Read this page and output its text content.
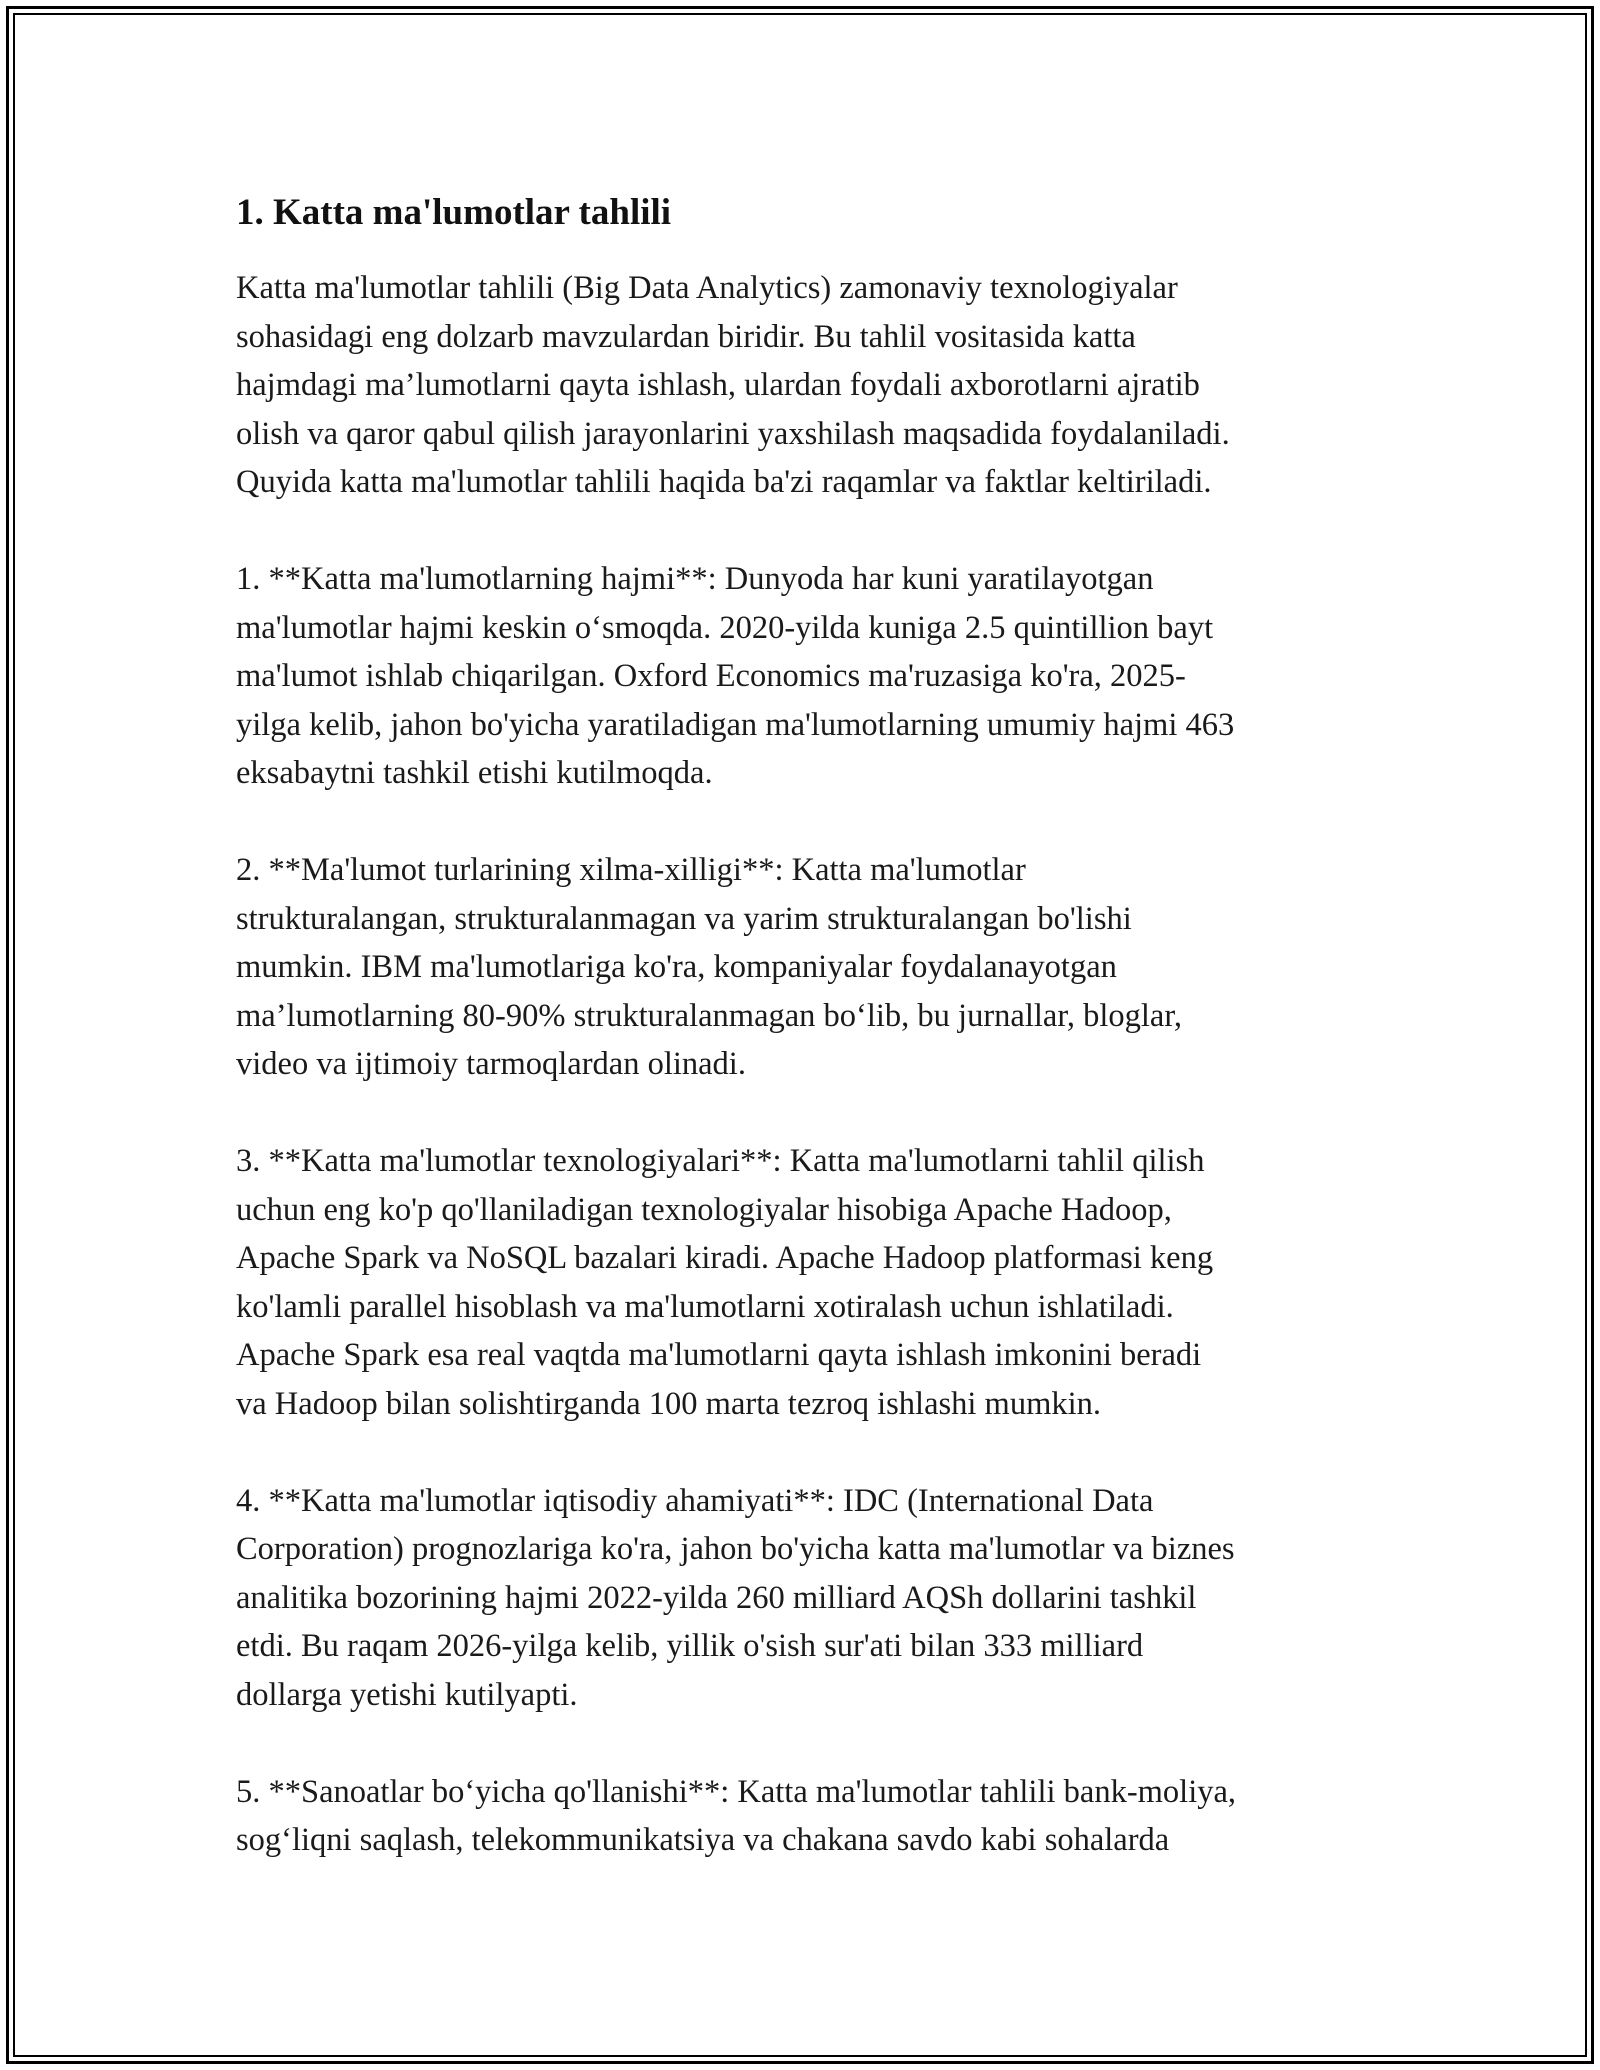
1. Katta ma'lumotlar tahlili
Katta ma'lumotlar tahlili (Big Data Analytics) zamonaviy texnologiyalar
sohasidagi eng dolzarb mavzulardan biridir. Bu tahlil vositasida katta
hajmdagi ma’lumotlarni qayta ishlash, ulardan foydali axborotlarni ajratib
olish va qaror qabul qilish jarayonlarini yaxshilash maqsadida foydalaniladi.
Quyida katta ma'lumotlar tahlili haqida ba'zi raqamlar va faktlar keltiriladi.
1. **Katta ma'lumotlarning hajmi**: Dunyoda har kuni yaratilayotgan
ma'lumotlar hajmi keskin o‘smoqda. 2020-yilda kuniga 2.5 quintillion bayt
ma'lumot ishlab chiqarilgan. Oxford Economics ma'ruzasiga ko'ra, 2025-
yilga kelib, jahon bo'yicha yaratiladigan ma'lumotlarning umumiy hajmi 463
eksabaytni tashkil etishi kutilmoqda.
2. **Ma'lumot turlarining xilma-xilligi**: Katta ma'lumotlar
strukturalangan, strukturalanmagan va yarim strukturalangan bo'lishi
mumkin. IBM ma'lumotlariga ko'ra, kompaniyalar foydalanayotgan
ma’lumotlarning 80-90% strukturalanmagan bo‘lib, bu jurnallar, bloglar,
video va ijtimoiy tarmoqlardan olinadi.
3. **Katta ma'lumotlar texnologiyalari**: Katta ma'lumotlarni tahlil qilish
uchun eng ko'p qo'llaniladigan texnologiyalar hisobiga Apache Hadoop,
Apache Spark va NoSQL bazalari kiradi. Apache Hadoop platformasi keng
ko'lamli parallel hisoblash va ma'lumotlarni xotiralash uchun ishlatiladi.
Apache Spark esa real vaqtda ma'lumotlarni qayta ishlash imkonini beradi
va Hadoop bilan solishtirganda 100 marta tezroq ishlashi mumkin.
4. **Katta ma'lumotlar iqtisodiy ahamiyati**: IDC (International Data
Corporation) prognozlariga ko'ra, jahon bo'yicha katta ma'lumotlar va biznes
analitika bozorining hajmi 2022-yilda 260 milliard AQSh dollarini tashkil
etdi. Bu raqam 2026-yilga kelib, yillik o'sish sur'ati bilan 333 milliard
dollarga yetishi kutilyapti.
5. **Sanoatlar bo‘yicha qo'llanishi**: Katta ma'lumotlar tahlili bank-moliya,
sog‘liqni saqlash, telekommunikatsiya va chakana savdo kabi sohalarda
